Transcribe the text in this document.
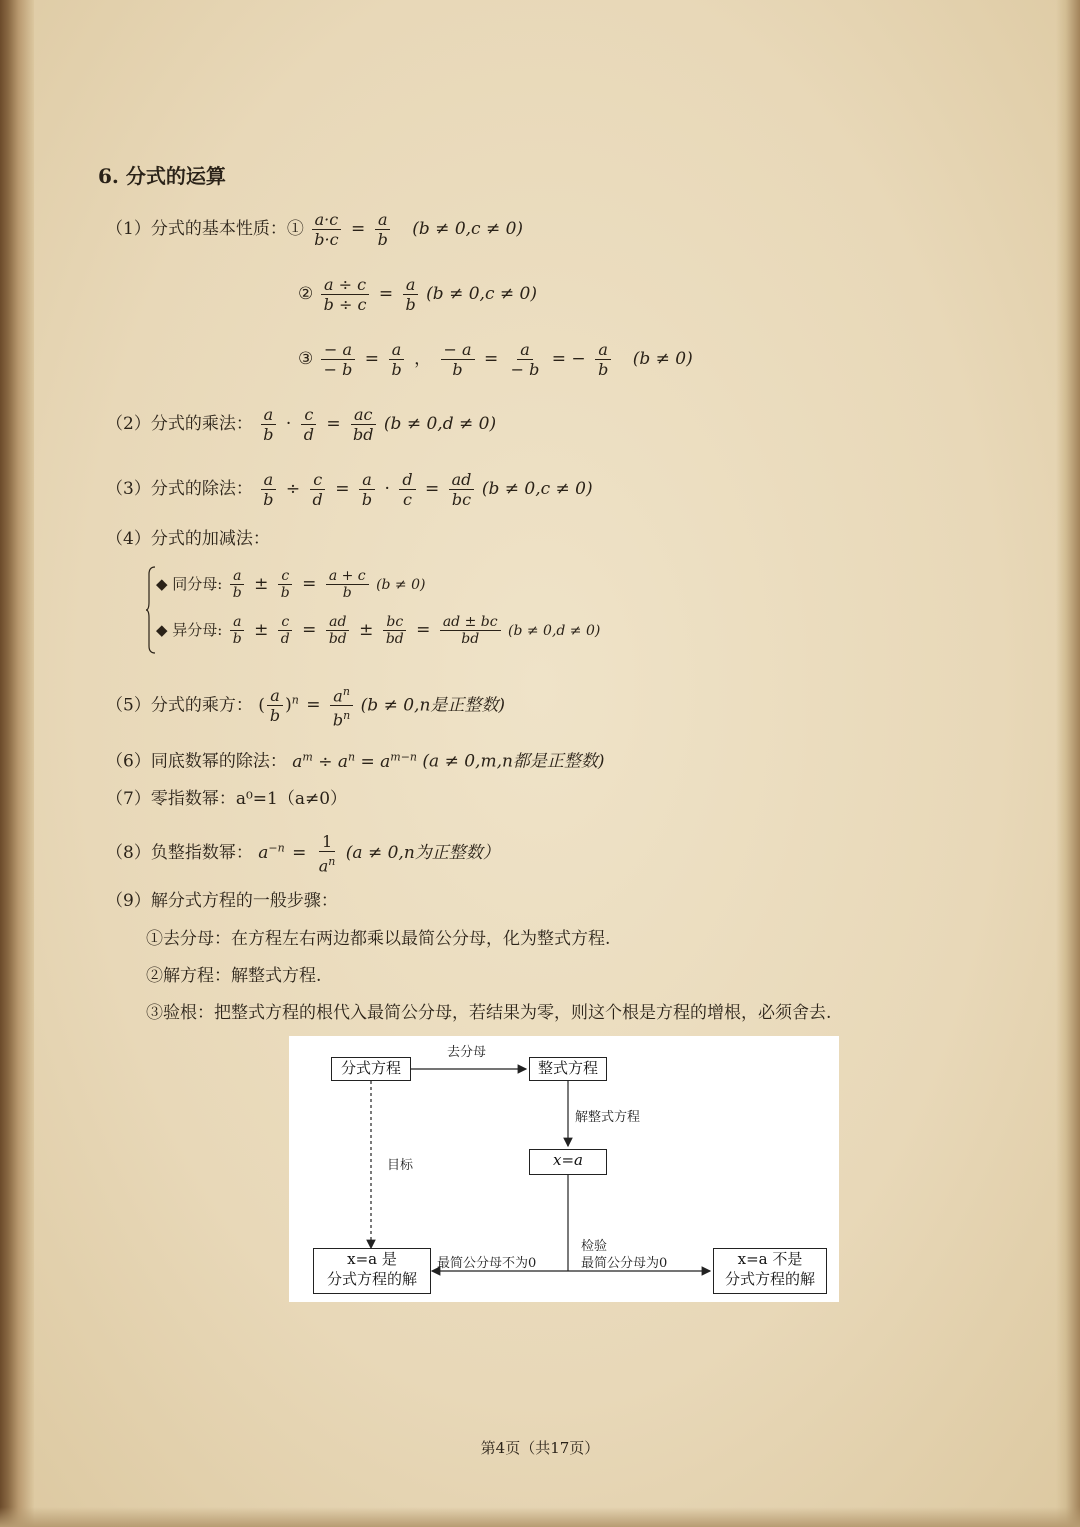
6. 分式的运算
（1）分式的基本性质：① $\frac{a\cdot c}{b\cdot c} = \frac{a}{b} (b \ne 0,c \ne 0)$
② $\frac{a \div c}{b \div c} = \frac{a}{b} (b \ne 0,c \ne 0)$
③ $\frac{- a}{- b} = \frac{a}{b}$ ， $\frac{- a}{b} = \frac{a}{- b}$ = − $\frac{a}{b} (b \ne 0)$
（2）分式的乘法： $\frac{a}{b} \cdot \frac{c}{d} = \frac{ac}{bd} (b \ne 0,d \ne 0)$
（3）分式的除法： $\frac{a}{b} \div \frac{c}{d} = \frac{a}{b} \cdot \frac{d}{c} = \frac{ad}{bc} (b \ne 0,c \ne 0)$
（4）分式的加减法：
◆ 同分母: $\frac{a}{b} \pm \frac{c}{b} = \frac{a + c}{b} (b \ne 0)$
◆ 异分母: $\frac{a}{b} \pm \frac{c}{d} = \frac{ad}{bd} \pm \frac{bc}{bd} = \frac{ad \pm bc}{bd} (b \ne 0,d \ne 0)$
（5）分式的乘方： ( $\frac{a}{b} )^n = \frac{a^n}{b^n} (b \ne 0,n$是正整数)
（6）同底数幂的除法： $a^m \div a^n = a^{m-n}$ (a ≠ 0,m,n都是正整数)
（7）零指数幂：a⁰=1（a≠0）
（8）负整指数幂： $a^{-n} = \frac{1}{a^n} (a \ne 0,n$为正整数）
（9）解分式方程的一般步骤：
①去分母：在方程左右两边都乘以最简公分母，化为整式方程.
②解方程：解整式方程.
③验根：把整式方程的根代入最简公分母，若结果为零，则这个根是方程的增根，必须舍去.
分式方程	整式方程
x=a
x=a 是
分式方程的解
x=a 不是
分式方程的解
去分母
解整式方程
目标
检验
最简公分母不为0	最简公分母为0
第4页（共17页）
